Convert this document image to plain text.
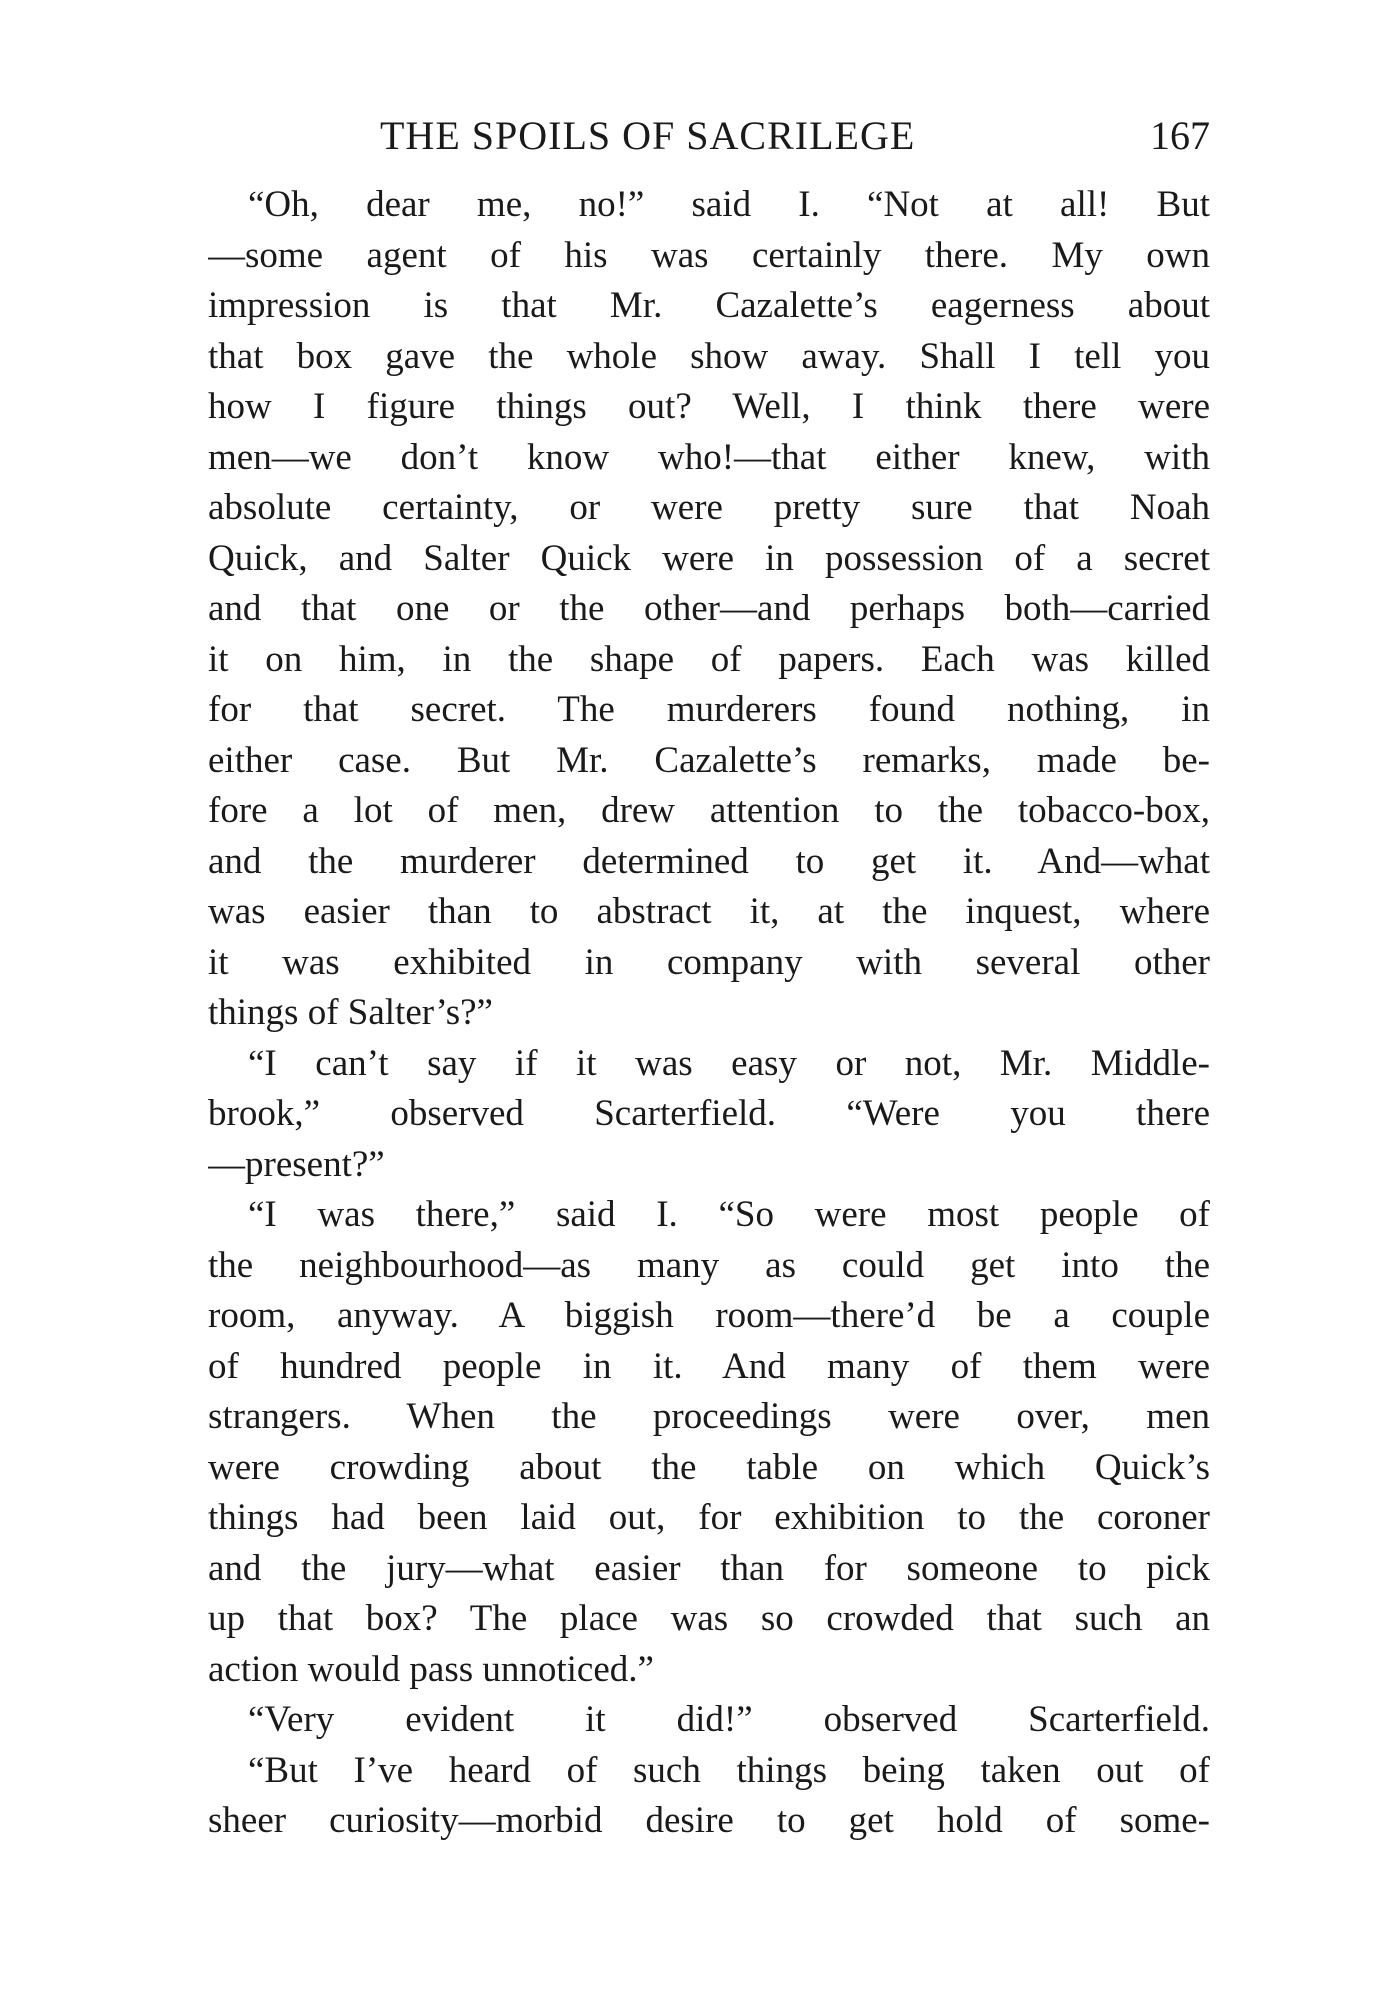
THE SPOILS OF SACRILEGE	167
“Oh, dear me, no!” said I. “Not at all! But
—some agent of his was certainly there. My own
impression is that Mr. Cazalette’s eagerness about
that box gave the whole show away. Shall I tell you
how I figure things out? Well, I think there were
men—we don’t know who!—that either knew, with
absolute certainty, or were pretty sure that Noah
Quick, and Salter Quick were in possession of a secret
and that one or the other—and perhaps both—carried
it on him, in the shape of papers. Each was killed
for that secret. The murderers found nothing, in
either case. But Mr. Cazalette’s remarks, made be-
fore a lot of men, drew attention to the tobacco-box,
and the murderer determined to get it. And—what
was easier than to abstract it, at the inquest, where
it was exhibited in company with several other
things of Salter’s?”
“I can’t say if it was easy or not, Mr. Middle-
brook,” observed Scarterfield. “Were you there
—present?”
“I was there,” said I. “So were most people of
the neighbourhood—as many as could get into the
room, anyway. A biggish room—there’d be a couple
of hundred people in it. And many of them were
strangers. When the proceedings were over, men
were crowding about the table on which Quick’s
things had been laid out, for exhibition to the coroner
and the jury—what easier than for someone to pick
up that box? The place was so crowded that such an
action would pass unnoticed.”
“Very evident it did!” observed Scarterfield.
“But I’ve heard of such things being taken out of
sheer curiosity—morbid desire to get hold of some-
